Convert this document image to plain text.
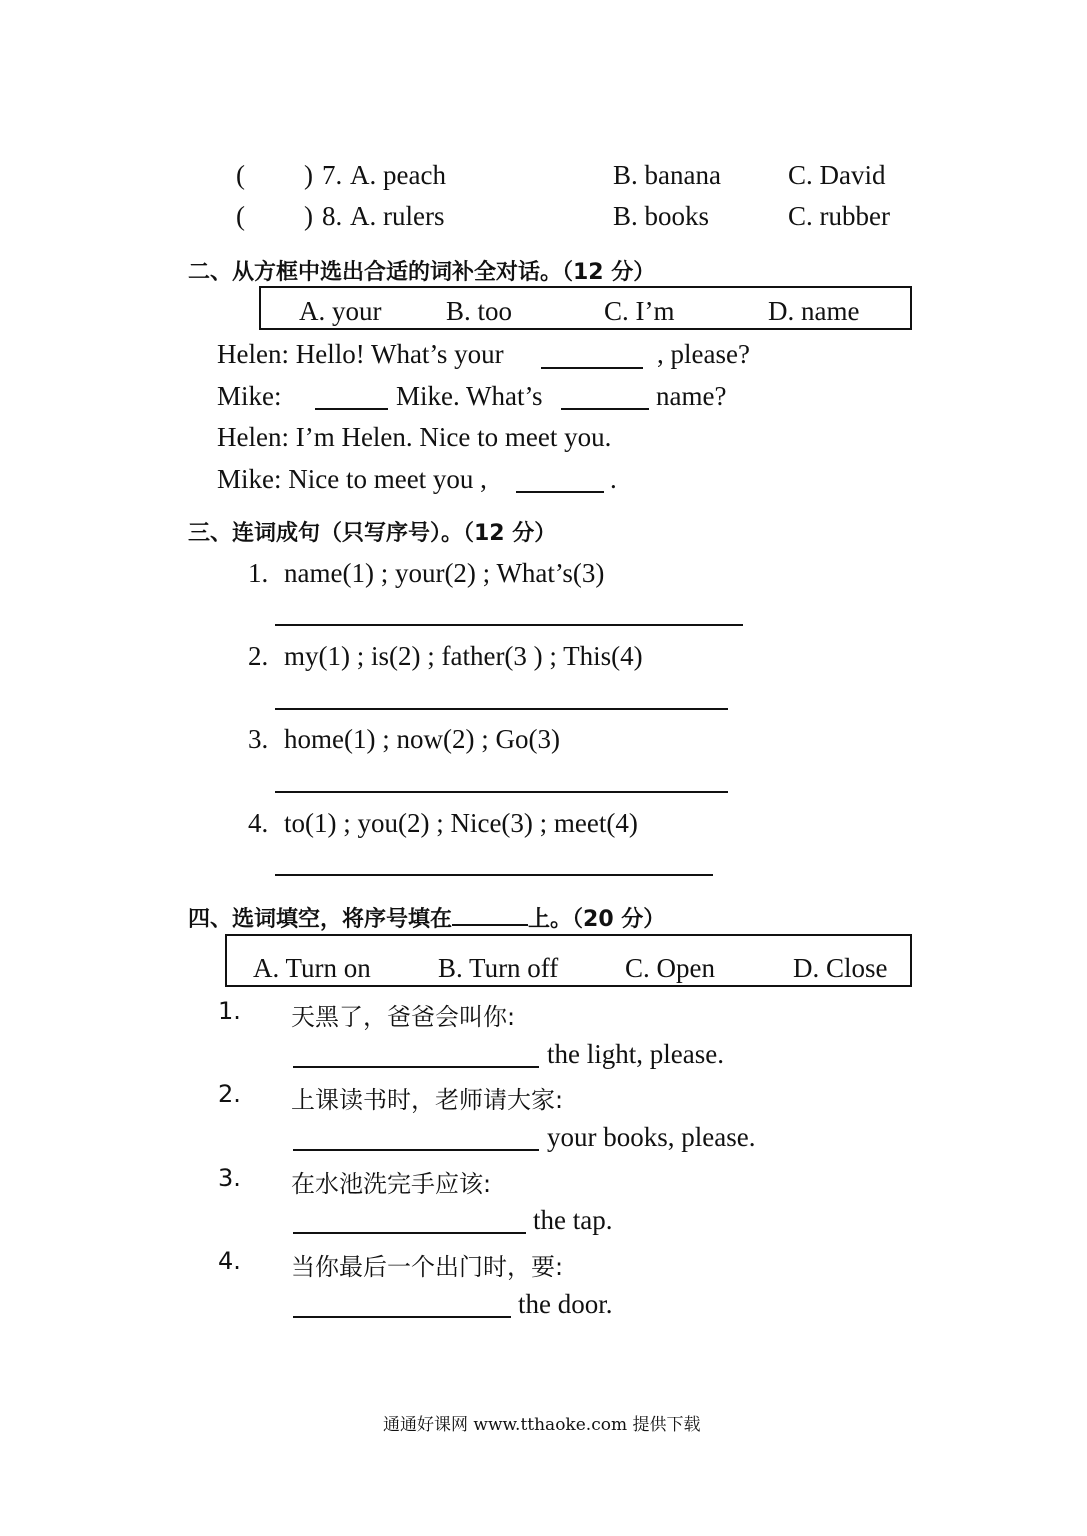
( ) 7. A. peach	B. banana C. David
( ) 8. A. rulers	B. books	C. rubber
二、从方框中选出合适的词补全对话。（12 分）
A. your B. too	C. I’m	D. name
Helen: Hello! What’s your	, please?
Mike:	Mike. What’s	name?
Helen: I’m Helen. Nice to meet you.
Mike: Nice to meet you ,	.
三、连词成句（只写序号）。（12 分）
1. name(1) ; your(2) ; What’s(3)
2. my(1) ; is(2) ; father(3 ) ; This(4)
3. home(1) ; now(2) ; Go(3)
4. to(1) ; you(2) ; Nice(3) ; meet(4)
四、选词填空，将序号填在	上。（20 分）
A. Turn on B. Turn off C. Open	D. Close
1. 天黑了，爸爸会叫你:
the light, please.
2. 上课读书时，老师请大家:
your books, please.
3. 在水池洗完手应该:
the tap.
4. 当你最后一个出门时，要:
the door.
通通好课网 www.tthaoke.com 提供下载
